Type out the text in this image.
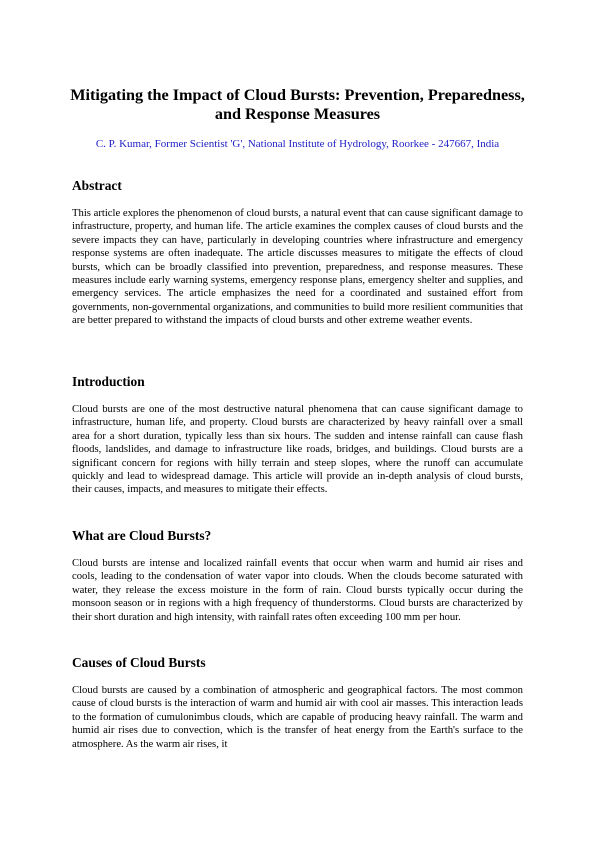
Mitigating the Impact of Cloud Bursts: Prevention, Preparedness, and Response Measures

C. P. Kumar, Former Scientist 'G', National Institute of Hydrology, Roorkee - 247667, India

Abstract

This article explores the phenomenon of cloud bursts, a natural event that can cause significant damage to infrastructure, property, and human life. The article examines the complex causes of cloud bursts and the severe impacts they can have, particularly in developing countries where infrastructure and emergency response systems are often inadequate. The article discusses measures to mitigate the effects of cloud bursts, which can be broadly classified into prevention, preparedness, and response measures. These measures include early warning systems, emergency response plans, emergency shelter and supplies, and emergency services. The article emphasizes the need for a coordinated and sustained effort from governments, non-governmental organizations, and communities to build more resilient communities that are better prepared to withstand the impacts of cloud bursts and other extreme weather events.

Introduction

Cloud bursts are one of the most destructive natural phenomena that can cause significant damage to infrastructure, human life, and property. Cloud bursts are characterized by heavy rainfall over a small area for a short duration, typically less than six hours. The sudden and intense rainfall can cause flash floods, landslides, and damage to infrastructure like roads, bridges, and buildings. Cloud bursts are a significant concern for regions with hilly terrain and steep slopes, where the runoff can accumulate quickly and lead to widespread damage. This article will provide an in-depth analysis of cloud bursts, their causes, impacts, and measures to mitigate their effects.

What are Cloud Bursts?

Cloud bursts are intense and localized rainfall events that occur when warm and humid air rises and cools, leading to the condensation of water vapor into clouds. When the clouds become saturated with water, they release the excess moisture in the form of rain. Cloud bursts typically occur during the monsoon season or in regions with a high frequency of thunderstorms. Cloud bursts are characterized by their short duration and high intensity, with rainfall rates often exceeding 100 mm per hour.

Causes of Cloud Bursts

Cloud bursts are caused by a combination of atmospheric and geographical factors. The most common cause of cloud bursts is the interaction of warm and humid air with cool air masses. This interaction leads to the formation of cumulonimbus clouds, which are capable of producing heavy rainfall. The warm and humid air rises due to convection, which is the transfer of heat energy from the Earth's surface to the atmosphere. As the warm air rises, it
